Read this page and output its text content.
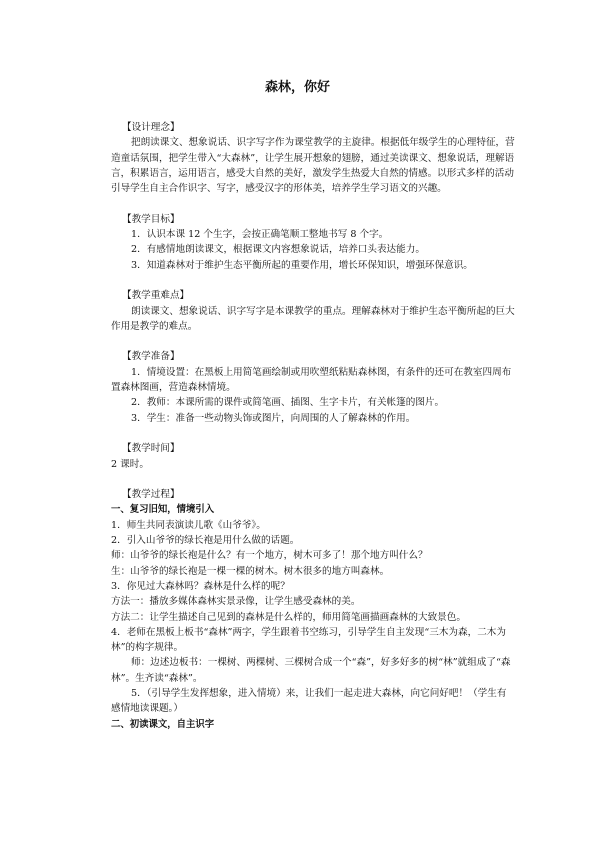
森林，你好

【设计理念】

把朗读课文、想象说话、识字写字作为课堂教学的主旋律。根据低年级学生的心理特征，营造童话氛围，把学生带入“大森林”，让学生展开想象的翅膀，通过美读课文、想象说话，理解语言，积累语言，运用语言，感受大自然的美好，激发学生热爱大自然的情感。以形式多样的活动引导学生自主合作识字、写字，感受汉字的形体美，培养学生学习语文的兴趣。

【教学目标】

1．认识本课 12 个生字，会按正确笔顺工整地书写 8 个字。

2．有感情地朗读课文，根据课文内容想象说话，培养口头表达能力。

3．知道森林对于维护生态平衡所起的重要作用，增长环保知识，增强环保意识。

【教学重难点】

朗读课文、想象说话、识字写字是本课教学的重点。理解森林对于维护生态平衡所起的巨大作用是教学的难点。

【教学准备】

1．情境设置：在黑板上用简笔画绘制或用吹塑纸粘贴森林图，有条件的还可在教室四周布置森林图画，营造森林情境。

2．教师：本课所需的课件或简笔画、插图、生字卡片，有关帐篷的图片。

3．学生：准备一些动物头饰或图片，向周围的人了解森林的作用。

【教学时间】

2 课时。

【教学过程】

一、复习旧知，情境引入

1．师生共同表演读儿歌《山爷爷》。

2．引入山爷爷的绿长袍是用什么做的话题。

师：山爷爷的绿长袍是什么？有一个地方，树木可多了！那个地方叫什么？

生：山爷爷的绿长袍是一棵一棵的树木。树木很多的地方叫森林。

3．你见过大森林吗？森林是什么样的呢？

方法一：播放多媒体森林实景录像，让学生感受森林的美。

方法二：让学生描述自己见到的森林是什么样的，师用简笔画描画森林的大致景色。

4．老师在黑板上板书“森林”两字，学生跟着书空练习，引导学生自主发现“三木为森，二木为林”的构字规律。

师：边述边板书：一棵树、两棵树、三棵树合成一个“森”，好多好多的树“林”就组成了“森林”。生齐读“森林”。

5．（引导学生发挥想象，进入情境）来，让我们一起走进大森林，向它问好吧！（学生有感情地读课题。）

二、初读课文，自主识字
